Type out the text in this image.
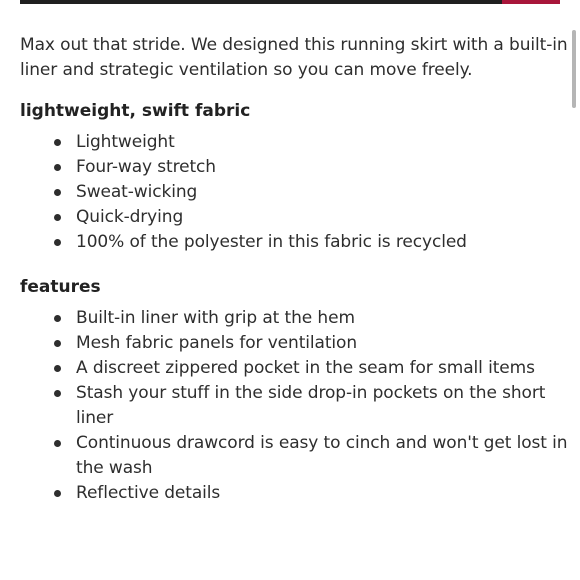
Max out that stride. We designed this running skirt with a built-in liner and strategic ventilation so you can move freely.

lightweight, swift fabric
Lightweight
Four-way stretch
Sweat-wicking
Quick-drying
100% of the polyester in this fabric is recycled
features
Built-in liner with grip at the hem
Mesh fabric panels for ventilation
A discreet zippered pocket in the seam for small items
Stash your stuff in the side drop-in pockets on the short liner
Continuous drawcord is easy to cinch and won't get lost in the wash
Reflective details
